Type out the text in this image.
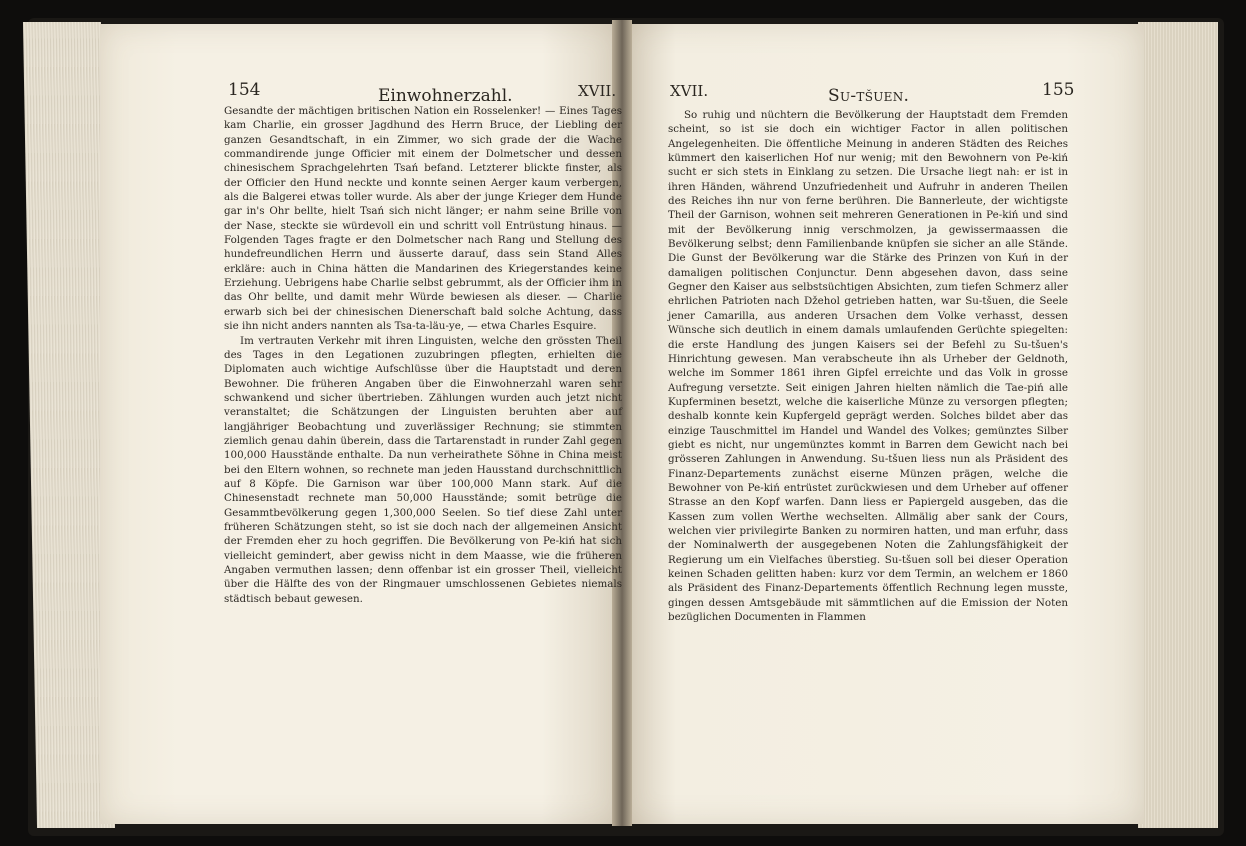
154	Einwohnerzahl.	XVII.

Gesandte der mächtigen britischen Nation ein Rosselenker! — Eines Tages kam Charlie, ein grosser Jagdhund des Herrn Bruce, der Liebling der ganzen Gesandtschaft, in ein Zimmer, wo sich grade der die Wache commandirende junge Officier mit einem der Dolmetscher und dessen chinesischem Sprachgelehrten Tsań befand. Letzterer blickte finster, als der Officier den Hund neckte und konnte seinen Aerger kaum verbergen, als die Balgerei etwas toller wurde. Als aber der junge Krieger dem Hunde gar in's Ohr bellte, hielt Tsań sich nicht länger; er nahm seine Brille von der Nase, steckte sie würdevoll ein und schritt voll Entrüstung hinaus. — Folgenden Tages fragte er den Dolmetscher nach Rang und Stellung des hundefreundlichen Herrn und äusserte darauf, dass sein Stand Alles erkläre: auch in China hätten die Mandarinen des Kriegerstandes keine Erziehung. Uebrigens habe Charlie selbst gebrummt, als der Officier ihm in das Ohr bellte, und damit mehr Würde bewiesen als dieser. — Charlie erwarb sich bei der chinesischen Dienerschaft bald solche Achtung, dass sie ihn nicht anders nannten als Tsa-ta-läu-ye, — etwa Charles Esquire.

Im vertrauten Verkehr mit ihren Linguisten, welche den grössten Theil des Tages in den Legationen zuzubringen pflegten, erhielten die Diplomaten auch wichtige Aufschlüsse über die Hauptstadt und deren Bewohner. Die früheren Angaben über die Einwohnerzahl waren sehr schwankend und sicher übertrieben. Zählungen wurden auch jetzt nicht veranstaltet; die Schätzungen der Linguisten beruhten aber auf langjähriger Beobachtung und zuverlässiger Rechnung; sie stimmten ziemlich genau dahin überein, dass die Tartarenstadt in runder Zahl gegen 100,000 Hausstände enthalte. Da nun verheirathete Söhne in China meist bei den Eltern wohnen, so rechnete man jeden Hausstand durchschnittlich auf 8 Köpfe. Die Garnison war über 100,000 Mann stark. Auf die Chinesenstadt rechnete man 50,000 Hausstände; somit betrüge die Gesammtbevölkerung gegen 1,300,000 Seelen. So tief diese Zahl unter früheren Schätzungen steht, so ist sie doch nach der allgemeinen Ansicht der Fremden eher zu hoch gegriffen. Die Bevölkerung von Pe-kiń hat sich vielleicht gemindert, aber gewiss nicht in dem Maasse, wie die früheren Angaben vermuthen lassen; denn offenbar ist ein grosser Theil, vielleicht über die Hälfte des von der Ringmauer umschlossenen Gebietes niemals städtisch bebaut gewesen.

XVII.	Su-tšuen.	155

So ruhig und nüchtern die Bevölkerung der Hauptstadt dem Fremden scheint, so ist sie doch ein wichtiger Factor in allen politischen Angelegenheiten. Die öffentliche Meinung in anderen Städten des Reiches kümmert den kaiserlichen Hof nur wenig; mit den Bewohnern von Pe-kiń sucht er sich stets in Einklang zu setzen. Die Ursache liegt nah: er ist in ihren Händen, während Unzufriedenheit und Aufruhr in anderen Theilen des Reiches ihn nur von ferne berühren. Die Bannerleute, der wichtigste Theil der Garnison, wohnen seit mehreren Generationen in Pe-kiń und sind mit der Bevölkerung innig verschmolzen, ja gewissermaassen die Bevölkerung selbst; denn Familienbande knüpfen sie sicher an alle Stände. Die Gunst der Bevölkerung war die Stärke des Prinzen von Kuń in der damaligen politischen Conjunctur. Denn abgesehen davon, dass seine Gegner den Kaiser aus selbstsüchtigen Absichten, zum tiefen Schmerz aller ehrlichen Patrioten nach Džehol getrieben hatten, war Su-tšuen, die Seele jener Camarilla, aus anderen Ursachen dem Volke verhasst, dessen Wünsche sich deutlich in einem damals umlaufenden Gerüchte spiegelten: die erste Handlung des jungen Kaisers sei der Befehl zu Su-tšuen's Hinrichtung gewesen. Man verabscheute ihn als Urheber der Geldnoth, welche im Sommer 1861 ihren Gipfel erreichte und das Volk in grosse Aufregung versetzte. Seit einigen Jahren hielten nämlich die Tae-piń alle Kupferminen besetzt, welche die kaiserliche Münze zu versorgen pflegten; deshalb konnte kein Kupfergeld geprägt werden. Solches bildet aber das einzige Tauschmittel im Handel und Wandel des Volkes; gemünztes Silber giebt es nicht, nur ungemünztes kommt in Barren dem Gewicht nach bei grösseren Zahlungen in Anwendung. Su-tšuen liess nun als Präsident des Finanz-Departements zunächst eiserne Münzen prägen, welche die Bewohner von Pe-kiń entrüstet zurückwiesen und dem Urheber auf offener Strasse an den Kopf warfen. Dann liess er Papiergeld ausgeben, das die Kassen zum vollen Werthe wechselten. Allmälig aber sank der Cours, welchen vier privilegirte Banken zu normiren hatten, und man erfuhr, dass der Nominalwerth der ausgegebenen Noten die Zahlungsfähigkeit der Regierung um ein Vielfaches überstieg. Su-tšuen soll bei dieser Operation keinen Schaden gelitten haben: kurz vor dem Termin, an welchem er 1860 als Präsident des Finanz-Departements öffentlich Rechnung legen musste, gingen dessen Amtsgebäude mit sämmtlichen auf die Emission der Noten bezüglichen Documenten in Flammen
